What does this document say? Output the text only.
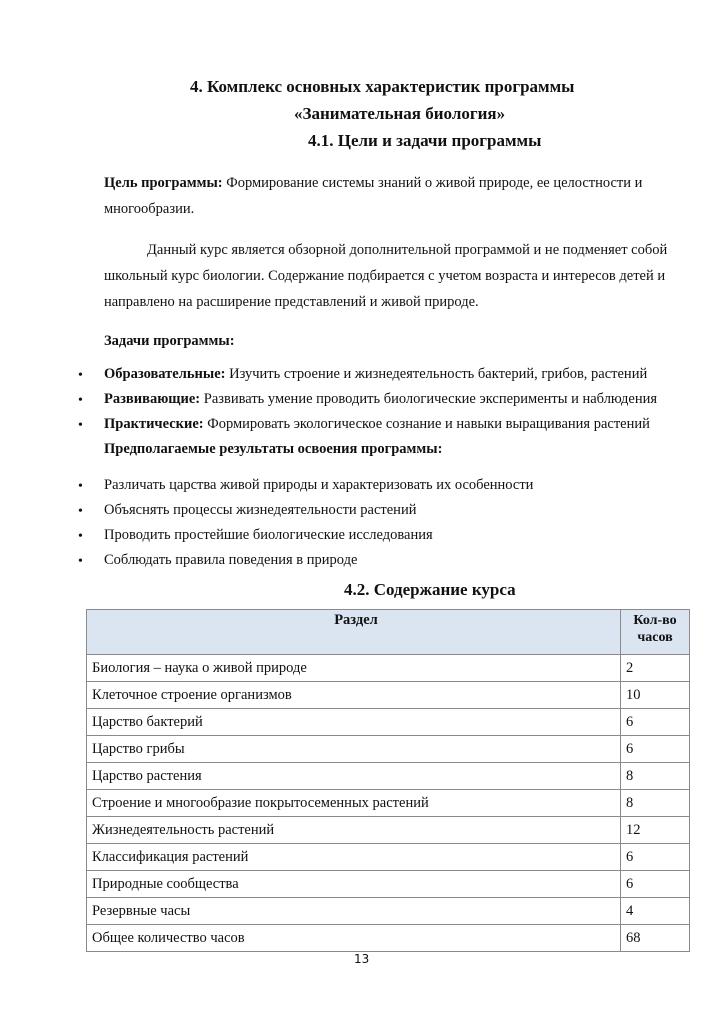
4. Комплекс основных характеристик программы
«Занимательная биология»
4.1. Цели и задачи программы
Цель программы: Формирование системы знаний о живой природе, ее целостности и
многообразии.
Данный курс является обзорной дополнительной программой и не подменяет собой
школьный курс биологии. Содержание подбирается с учетом возраста и интересов детей и
направлено на расширение представлений и живой природе.
Задачи программы:
• Образовательные: Изучить строение и жизнедеятельность бактерий, грибов, растений
• Развивающие: Развивать умение проводить биологические эксперименты и наблюдения
• Практические: Формировать экологическое сознание и навыки выращивания растений
Предполагаемые результаты освоения программы:
• Различать царства живой природы и характеризовать их особенности
• Объяснять процессы жизнедеятельности растений
• Проводить простейшие биологические исследования
• Соблюдать правила поведения в природе
4.2. Содержание курса
Раздел	Кол-во часов
Биология – наука о живой природе	2
Клеточное строение организмов	10
Царство бактерий	6
Царство грибы	6
Царство растения	8
Строение и многообразие покрытосеменных растений	8
Жизнедеятельность растений	12
Классификация растений	6
Природные сообщества	6
Резервные часы	4
Общее количество часов	68
13
